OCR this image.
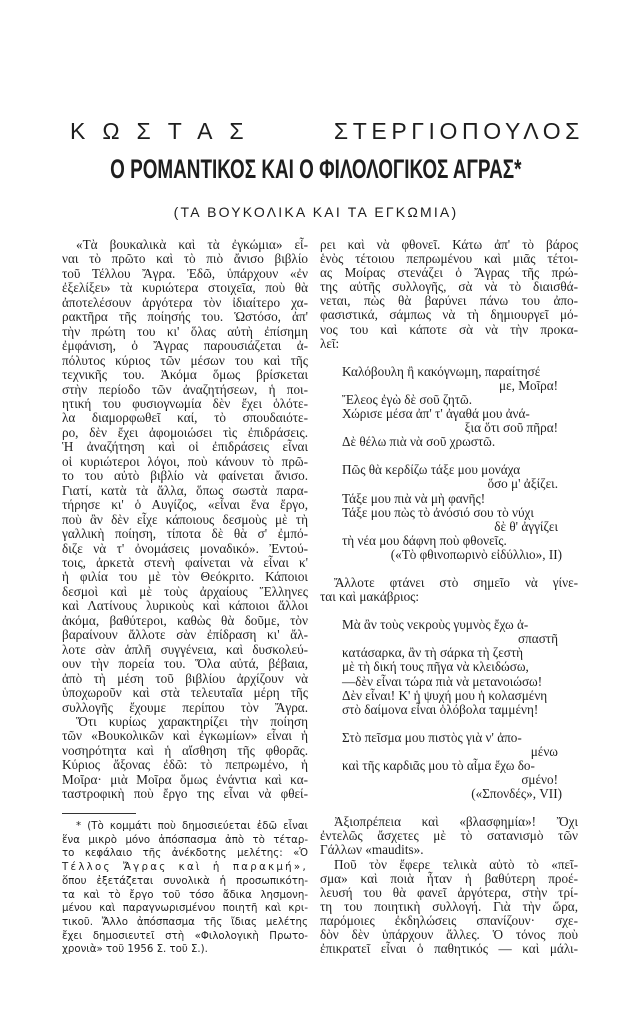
ΚΩΣΤΑΣ	ΣΤΕΡΓΙΟΠΟΥΛΟΣ
Ο ΡΟΜΑΝΤΙΚΟΣ ΚΑΙ Ο ΦΙΛΟΛΟΓΙΚΟΣ ΑΓΡΑΣ*
(ΤΑ ΒΟΥΚΟΛΙΚΑ ΚΑΙ ΤΑ ΕΓΚΩΜΙΑ)
«Τὰ βουκαλικὰ καὶ τὰ ἐγκώμια» εἶ-
ναι τὸ πρῶτο καὶ τὸ πιὸ ἄνισο βιβλίο
τοῦ Τέλλου Ἄγρα. Ἐδῶ, ὑπάρχουν «ἐν
ἐξελίξει» τὰ κυριώτερα στοιχεῖα, ποὺ θὰ
ἀποτελέσουν ἀργότερα τὸν ἰδιαίτερο χα-
ρακτῆρα τῆς ποίησής του. Ὡστόσο, ἀπ'
τὴν πρώτη του κι' ὅλας αὐτὴ ἐπίσημη
ἐμφάνιση, ὁ Ἄγρας παρουσιάζεται ἀ-
πόλυτος κύριος τῶν μέσων του καὶ τῆς
τεχνικῆς του. Ἀκόμα ὅμως βρίσκεται
στὴν περίοδο τῶν ἀναζητήσεων, ἡ ποι-
ητική του φυσιογνωμία δὲν ἔχει ὁλότε-
λα διαμορφωθεῖ καί, τὸ σπουδαιότε-
ρο, δὲν ἔχει ἀφομοιώσει τὶς ἐπιδράσεις.
Ἡ ἀναζήτηση καὶ οἱ ἐπιδράσεις εἶναι
οἱ κυριώτεροι λόγοι, ποὺ κάνουν τὸ πρῶ-
το του αὐτὸ βιβλίο νὰ φαίνεται ἄνισο.
Γιατί, κατὰ τὰ ἄλλα, ὅπως σωστὰ παρα-
τήρησε κι' ὁ Αυγίζος, «εἶναι ἕνα ἔργο,
ποὺ ἂν δὲν εἶχε κάποιους δεσμοὺς μὲ τὴ
γαλλικὴ ποίηση, τίποτα δὲ θὰ σ' ἐμπό-
διζε νὰ τ' ὀνομάσεις μοναδικό». Ἐντού-
τοις, ἀρκετὰ στενὴ φαίνεται νὰ εἶναι κ'
ἡ φιλία του μὲ τὸν Θεόκριτο. Κάποιοι
δεσμοὶ καὶ μὲ τοὺς ἀρχαίους Ἕλληνες
καὶ Λατίνους λυρικοὺς καὶ κάποιοι ἄλλοι
ἀκόμα, βαθύτεροι, καθὼς θὰ δοῦμε, τὸν
βαραίνουν ἄλλοτε σὰν ἐπίδραση κι' ἄλ-
λοτε σὰν ἁπλῆ συγγένεια, καὶ δυσκολεύ-
ουν τὴν πορεία του. Ὅλα αὐτά, βέβαια,
ἀπὸ τὴ μέση τοῦ βιβλίου ἀρχίζουν νὰ
ὑποχωροῦν καὶ στὰ τελευταῖα μέρη τῆς
συλλογῆς ἔχουμε περίπου τὸν Ἄγρα.
Ὅτι κυρίως χαρακτηρίζει τὴν ποίηση
τῶν «Βουκολικῶν καὶ ἐγκωμίων» εἶναι ἡ
νοσηρότητα καὶ ἡ αἴσθηση τῆς φθορᾶς.
Κύριος ἄξονας ἐδῶ: τὸ πεπρωμένο, ἡ
Μοῖρα· μιὰ Μοῖρα ὅμως ἐνάντια καὶ κα-
ταστροφικὴ ποὺ ἔργο της εἶναι νὰ φθεί-
ρει καὶ νὰ φθονεῖ. Κάτω ἀπ' τὸ βάρος
ἑνὸς τέτοιου πεπρωμένου καὶ μιᾶς τέτοι-
ας Μοίρας στενάζει ὁ Ἄγρας τῆς πρώ-
της αὐτῆς συλλογῆς, σὰ νὰ τὸ διαισθά-
νεται, πὼς θὰ βαρύνει πάνω του ἀπο-
φασιστικά, σάμπως νὰ τὴ δημιουργεῖ μό-
νος του καὶ κάποτε σὰ νὰ τὴν προκα-
λεῖ:
Καλόβουλη ἢ κακόγνωμη, παραίτησέ
με, Μοῖρα!
Ἔλεος ἐγὼ δὲ σοῦ ζητῶ.
Χώρισε μέσα ἀπ' τ' ἀγαθά μου ἀνά-
ξια ὅτι σοῦ πῆρα!
Δὲ θέλω πιὰ νὰ σοῦ χρωστῶ.
Πῶς θὰ κερδίζω τάξε μου μονάχα
ὅσο μ' ἀξίζει.
Τάξε μου πιὰ νὰ μὴ φανῆς!
Τάξε μου πὼς τὸ ἀνόσιό σου τὸ νύχι
δὲ θ' ἀγγίζει
τὴ νέα μου δάφνη ποὺ φθονεῖς.
(«Τὸ φθινοπωρινὸ εἰδύλλιο», ΙΙ)
Ἄλλοτε φτάνει στὸ σημεῖο νὰ γίνε-
ται καὶ μακάβριος:
Μὰ ἂν τοὺς νεκροὺς γυμνὸς ἔχω ἀ-
σπαστῆ
κατάσαρκα, ἂν τὴ σάρκα τὴ ζεστὴ
μὲ τὴ δική τους πῆγα νὰ κλειδώσω,
—δὲν εἶναι τώρα πιὰ νὰ μετανοιώσω!
Δὲν εἶναι! Κ' ἡ ψυχή μου ἡ κολασμένη
στὸ δαίμονα εἶναι ὁλόβολα ταμμένη!
Στὸ πεῖσμα μου πιστὸς γιὰ ν' ἀπο-
μένω
καὶ τῆς καρδιᾶς μου τὸ αἷμα ἔχω δο-
σμένο!
(«Σπονδές», VII)
Ἀξιοπρέπεια καὶ «βλασφημία»! Ὄχι
ἐντελῶς ἄσχετες μὲ τὸ σατανισμὸ τῶν
Γάλλων «maudits».
Ποῦ τὸν ἔφερε τελικὰ αὐτὸ τὸ «πεῖ-
σμα» καὶ ποιὰ ἦταν ἡ βαθύτερη προέ-
λευσή του θὰ φανεῖ ἀργότερα, στὴν τρί-
τη του ποιητικὴ συλλογή. Γιὰ τὴν ὥρα,
παρόμοιες ἐκδηλώσεις σπανίζουν· σχε-
δὸν δὲν ὑπάρχουν ἄλλες. Ὁ τόνος ποὺ
ἐπικρατεῖ εἶναι ὁ παθητικός — καὶ μάλι-
* (Τὸ κομμάτι ποὺ δημοσιεύεται ἐδῶ εἶναι
ἕνα μικρὸ μόνο ἀπόσπασμα ἀπὸ τὸ τέταρ-
το κεφάλαιο τῆς ἀνέκδοτης μελέτης: «Ὁ
Τέλλος Ἄγρας καὶ ἡ παρακμή»,
ὅπου ἐξετάζεται συνολικὰ ἡ προσωπικότη-
τα καὶ τὸ ἔργο τοῦ τόσο ἄδικα λησμονη-
μένου καὶ παραγνωρισμένου ποιητῆ καὶ κρι-
τικοῦ. Ἄλλο ἀπόσπασμα τῆς ἴδιας μελέτης
ἔχει δημοσιευτεῖ στὴ «Φιλολογικὴ Πρωτο-
χρονιὰ» τοῦ 1956 Σ. τοῦ Σ.).
